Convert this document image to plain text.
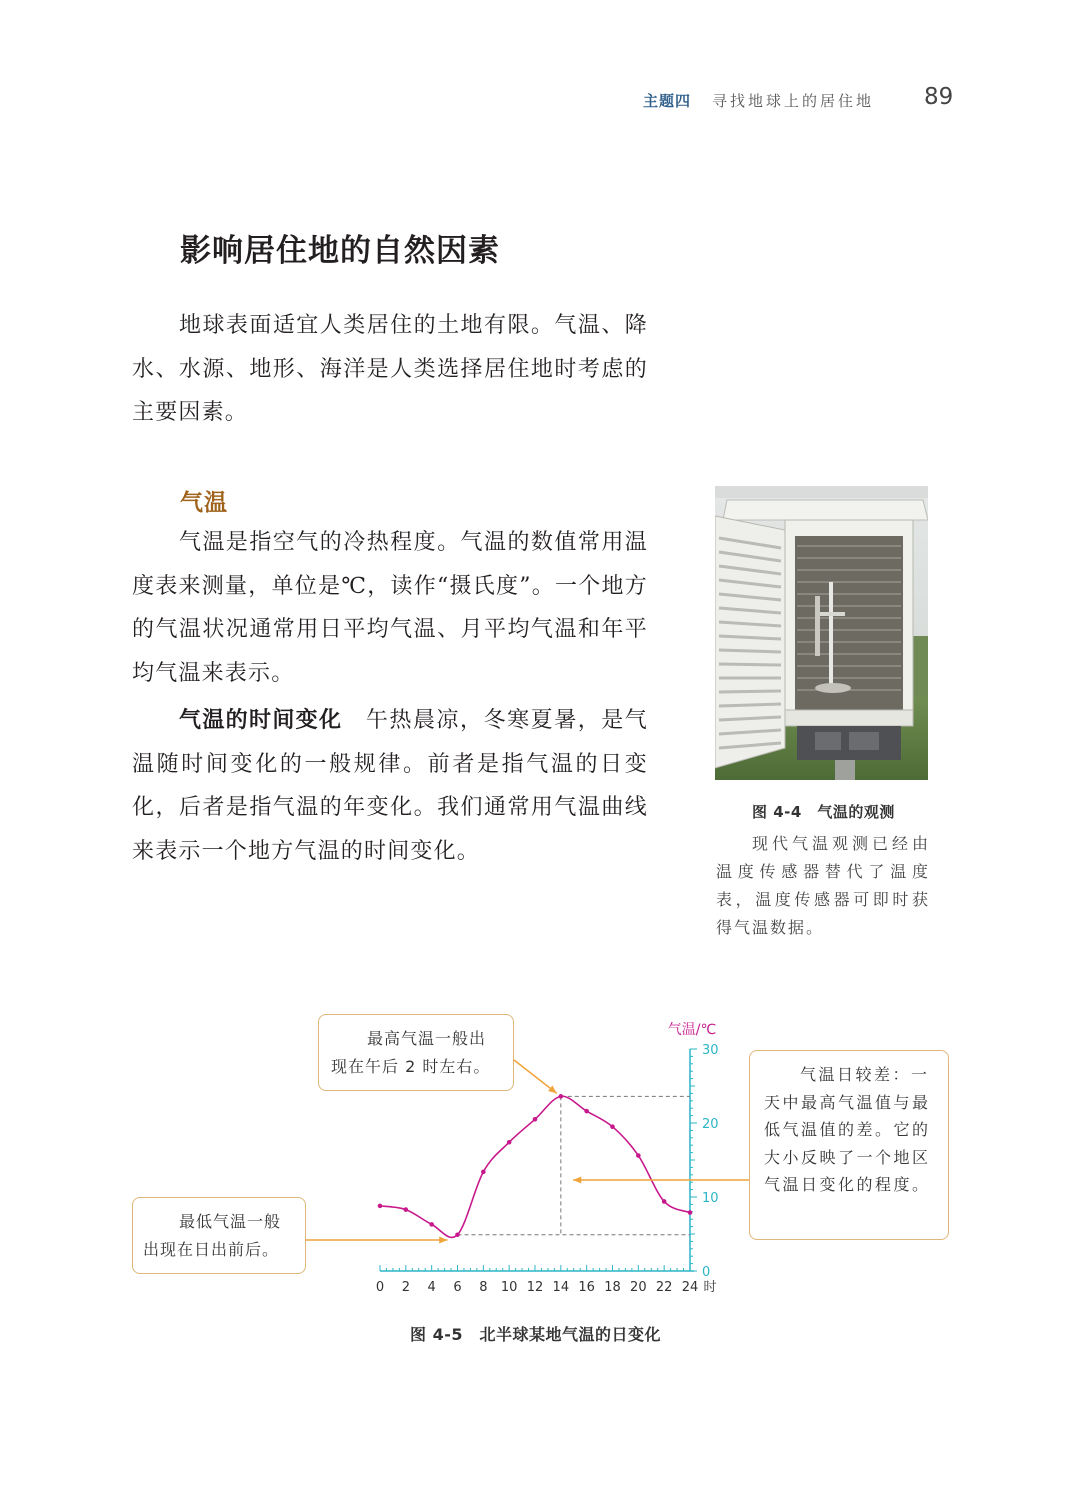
主题四 寻找地球上的居住地 89
影响居住地的自然因素
地球表面适宜人类居住的土地有限。气温、降水、水源、地形、海洋是人类选择居住地时考虑的主要因素。
气温
气温是指空气的冷热程度。气温的数值常用温度表来测量，单位是℃，读作“摄氏度”。一个地方的气温状况通常用日平均气温、月平均气温和年平均气温来表示。
气温的时间变化　 午热晨凉，冬寒夏暑，是气温随时间变化的一般规律。前者是指气温的日变化，后者是指气温的年变化。我们通常用气温曲线来表示一个地方气温的时间变化。
图 4-4　气温的观测
现代气温观测已经由温度传感器替代了温度表，温度传感器可即时获得气温数据。
0 2 4 6 8 10 12 14 16 18 20 22 24 时
0
10
20
30
气温/℃
最高气温一般出现在午后 2 时左右。
最低气温一般出现在日出前后。
气温日较差：一天中最高气温值与最低气温值的差。它的大小反映了一个地区气温日变化的程度。
图 4-5　北半球某地气温的日变化
